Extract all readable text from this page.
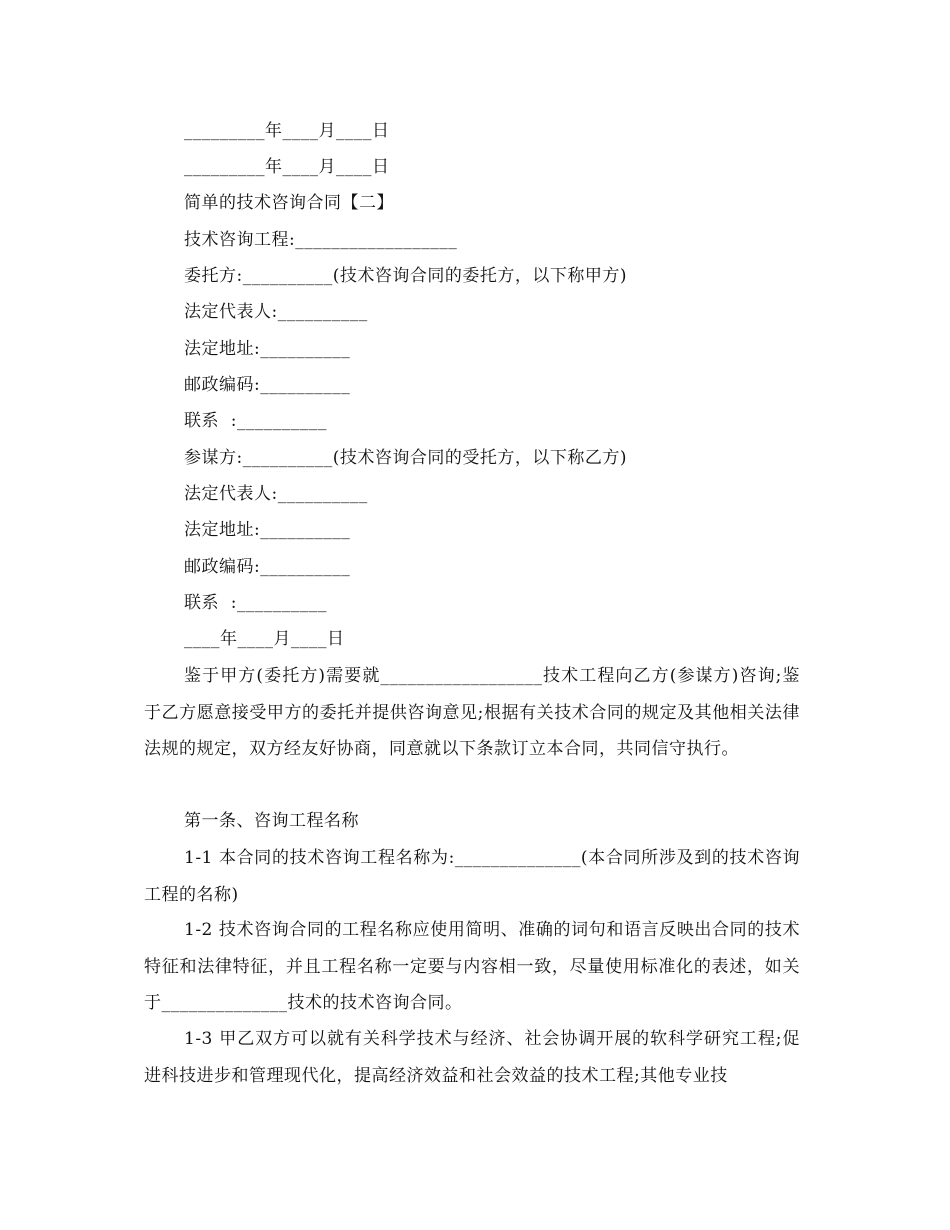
_________年____月____日
_________年____月____日
简单的技术咨询合同【二】
技术咨询工程:__________________
委托方:__________(技术咨询合同的委托方，以下称甲方)
法定代表人:__________
法定地址:__________
邮政编码:__________
联系  :__________
参谋方:__________(技术咨询合同的受托方，以下称乙方)
法定代表人:__________
法定地址:__________
邮政编码:__________
联系  :__________
____年____月____日
鉴于甲方(委托方)需要就__________________技术工程向乙方(参谋方)咨询;鉴于乙方愿意接受甲方的委托并提供咨询意见;根据有关技术合同的规定及其他相关法律法规的规定，双方经友好协商，同意就以下条款订立本合同，共同信守执行。
第一条、咨询工程名称
1-1 本合同的技术咨询工程名称为:______________(本合同所涉及到的技术咨询工程的名称)
1-2 技术咨询合同的工程名称应使用简明、准确的词句和语言反映出合同的技术特征和法律特征，并且工程名称一定要与内容相一致，尽量使用标准化的表述，如关于______________技术的技术咨询合同。
1-3 甲乙双方可以就有关科学技术与经济、社会协调开展的软科学研究工程;促进科技进步和管理现代化，提高经济效益和社会效益的技术工程;其他专业技
